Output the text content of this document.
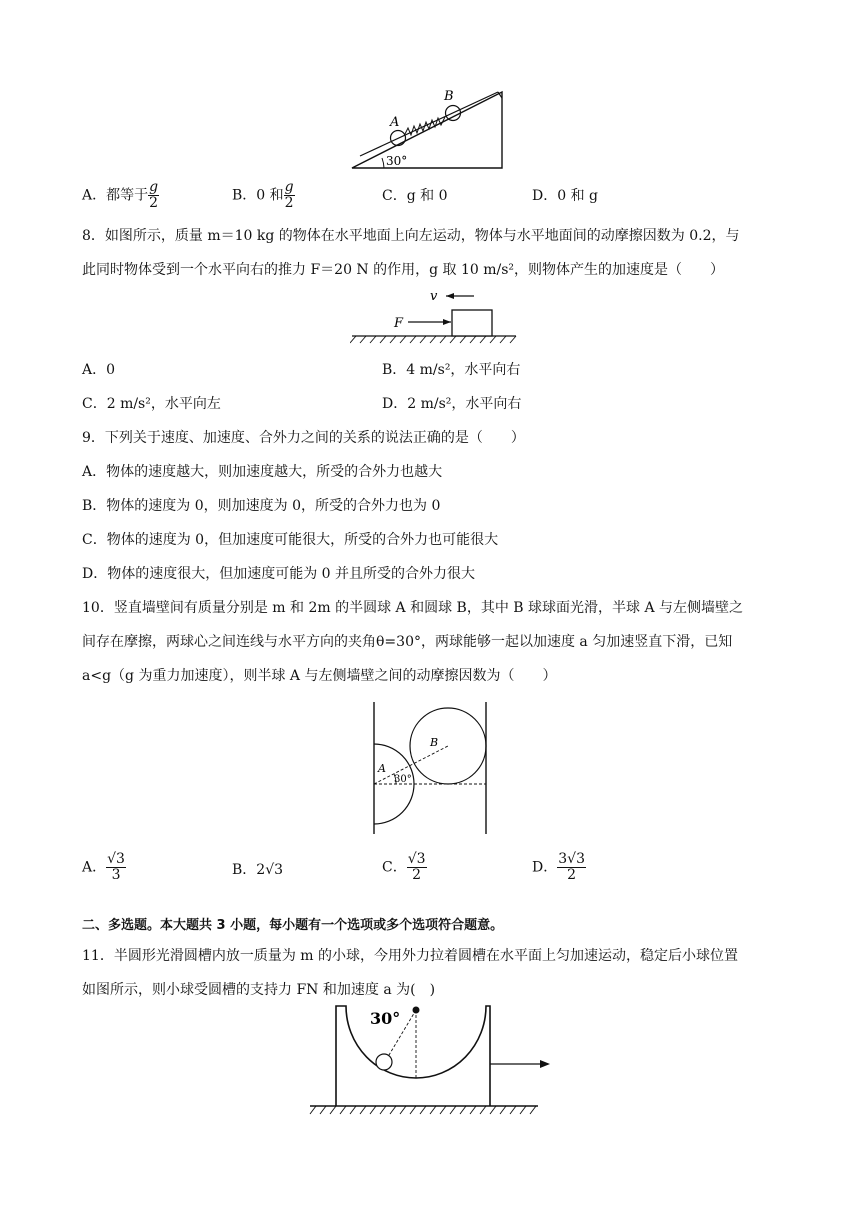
A
B
30°
A．都等于 $\frac{g}{2}$	B．0 和 $\frac{g}{2}$	C．g 和 0	D．0 和 g
8．如图所示，质量 m＝10 kg 的物体在水平地面上向左运动，物体与水平地面间的动摩擦因数为 0.2，与
此同时物体受到一个水平向右的推力 F＝20 N 的作用，g 取 10 m/s²，则物体产生的加速度是（　　）
v
F
A．0	B．4 m/s²，水平向右
C．2 m/s²，水平向左	D．2 m/s²，水平向右
9．下列关于速度、加速度、合外力之间的关系的说法正确的是（　　）
A．物体的速度越大，则加速度越大，所受的合外力也越大
B．物体的速度为 0，则加速度为 0，所受的合外力也为 0
C．物体的速度为 0，但加速度可能很大，所受的合外力也可能很大
D．物体的速度很大，但加速度可能为 0 并且所受的合外力很大
10．竖直墙壁间有质量分别是 m 和 2m 的半圆球 A 和圆球 B，其中 B 球球面光滑，半球 A 与左侧墙壁之
间存在摩擦，两球心之间连线与水平方向的夹角θ=30°，两球能够一起以加速度 a 匀加速竖直下滑，已知
a<g（g 为重力加速度），则半球 A 与左侧墙壁之间的动摩擦因数为（　　）
A
B
30°
A． $\frac{√3}{3}$	B．2√3	C． $\frac{√3}{2}$	D． $\frac{3√3}{2}$
二、多选题。本大题共 3 小题，每小题有一个选项或多个选项符合题意。
11．半圆形光滑圆槽内放一质量为 m 的小球，今用外力拉着圆槽在水平面上匀加速运动，稳定后小球位置
如图所示，则小球受圆槽的支持力 FN 和加速度 a 为(　)
30°
